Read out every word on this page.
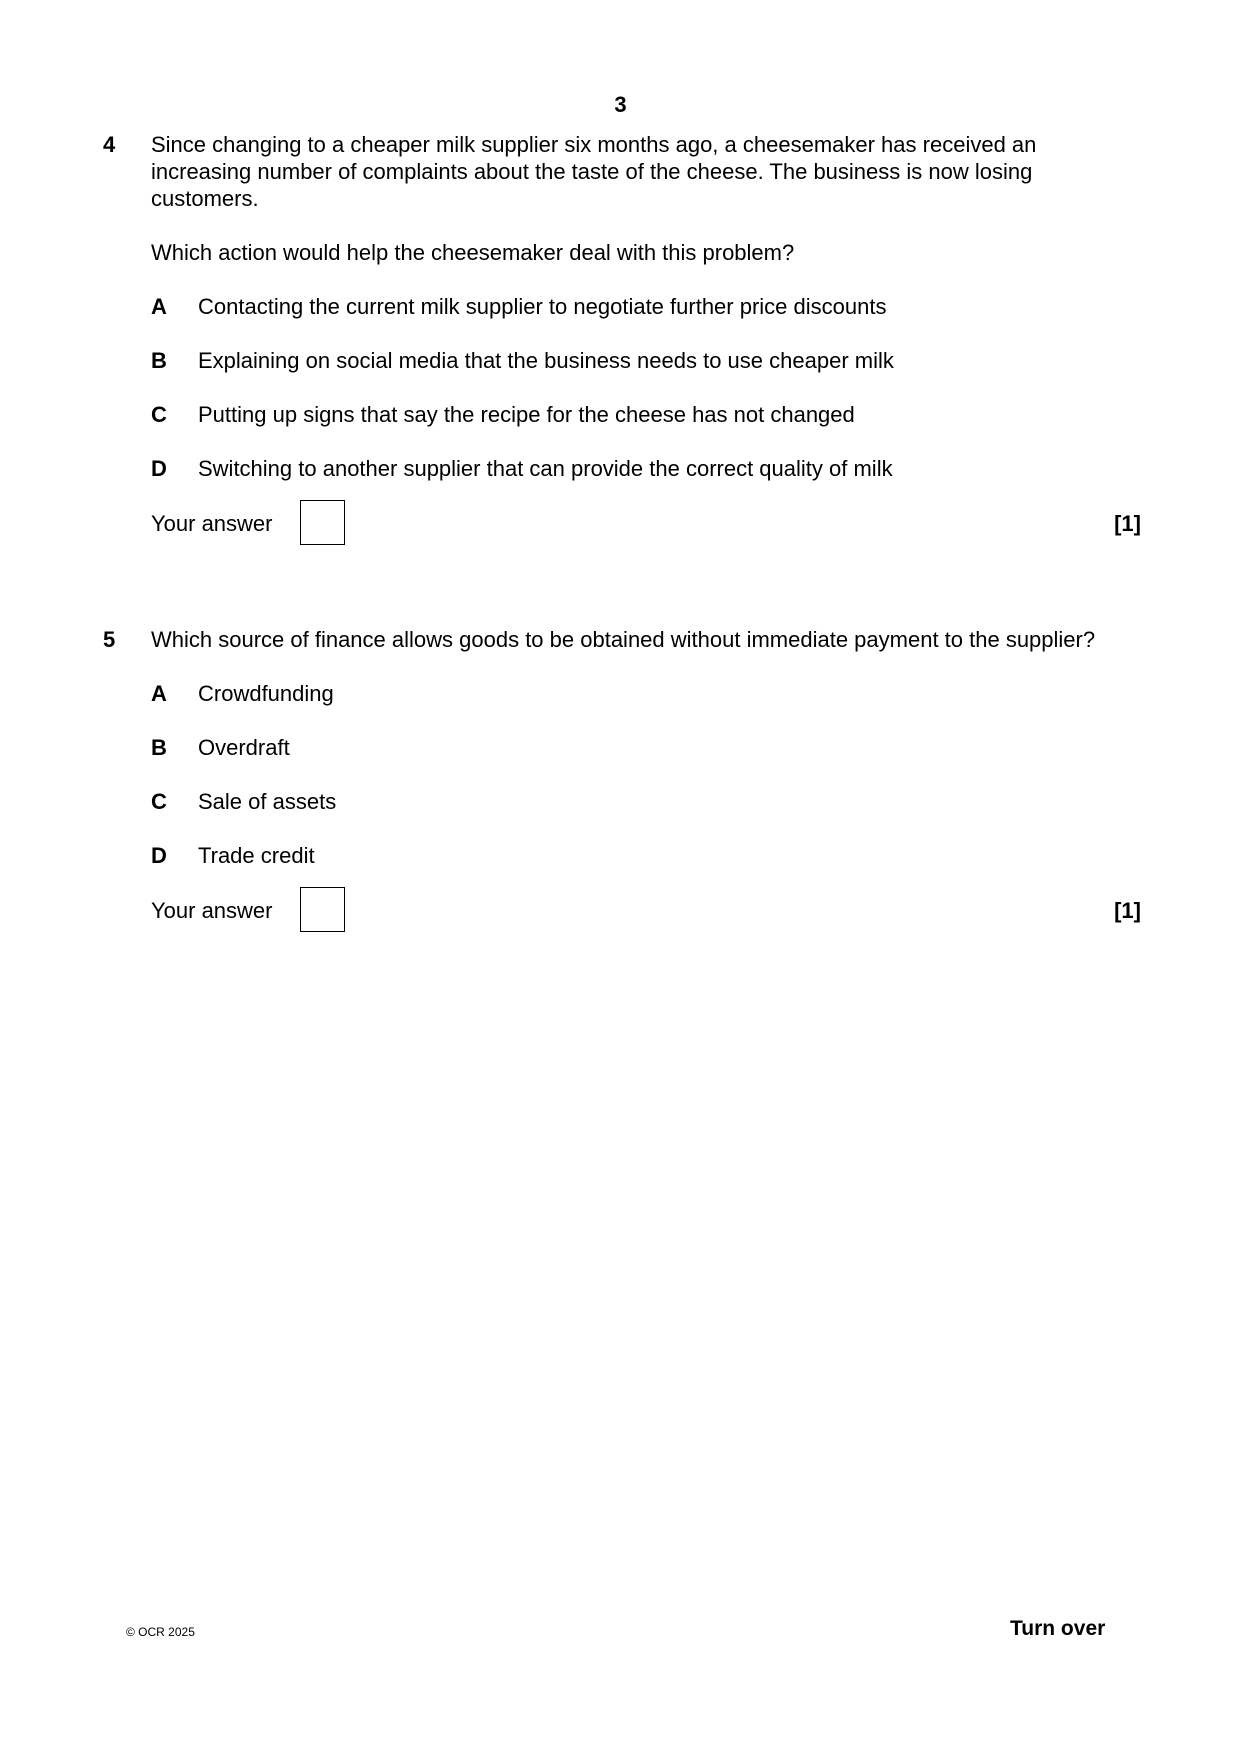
3
4 Since changing to a cheaper milk supplier six months ago, a cheesemaker has received an increasing number of complaints about the taste of the cheese. The business is now losing customers.

Which action would help the cheesemaker deal with this problem?
A Contacting the current milk supplier to negotiate further price discounts
B Explaining on social media that the business needs to use cheaper milk
C Putting up signs that say the recipe for the cheese has not changed
D Switching to another supplier that can provide the correct quality of milk
Your answer	[1]
5 Which source of finance allows goods to be obtained without immediate payment to the supplier?

A Crowdfunding
B Overdraft
C Sale of assets
D Trade credit
Your answer	[1]
© OCR 2025	Turn over
